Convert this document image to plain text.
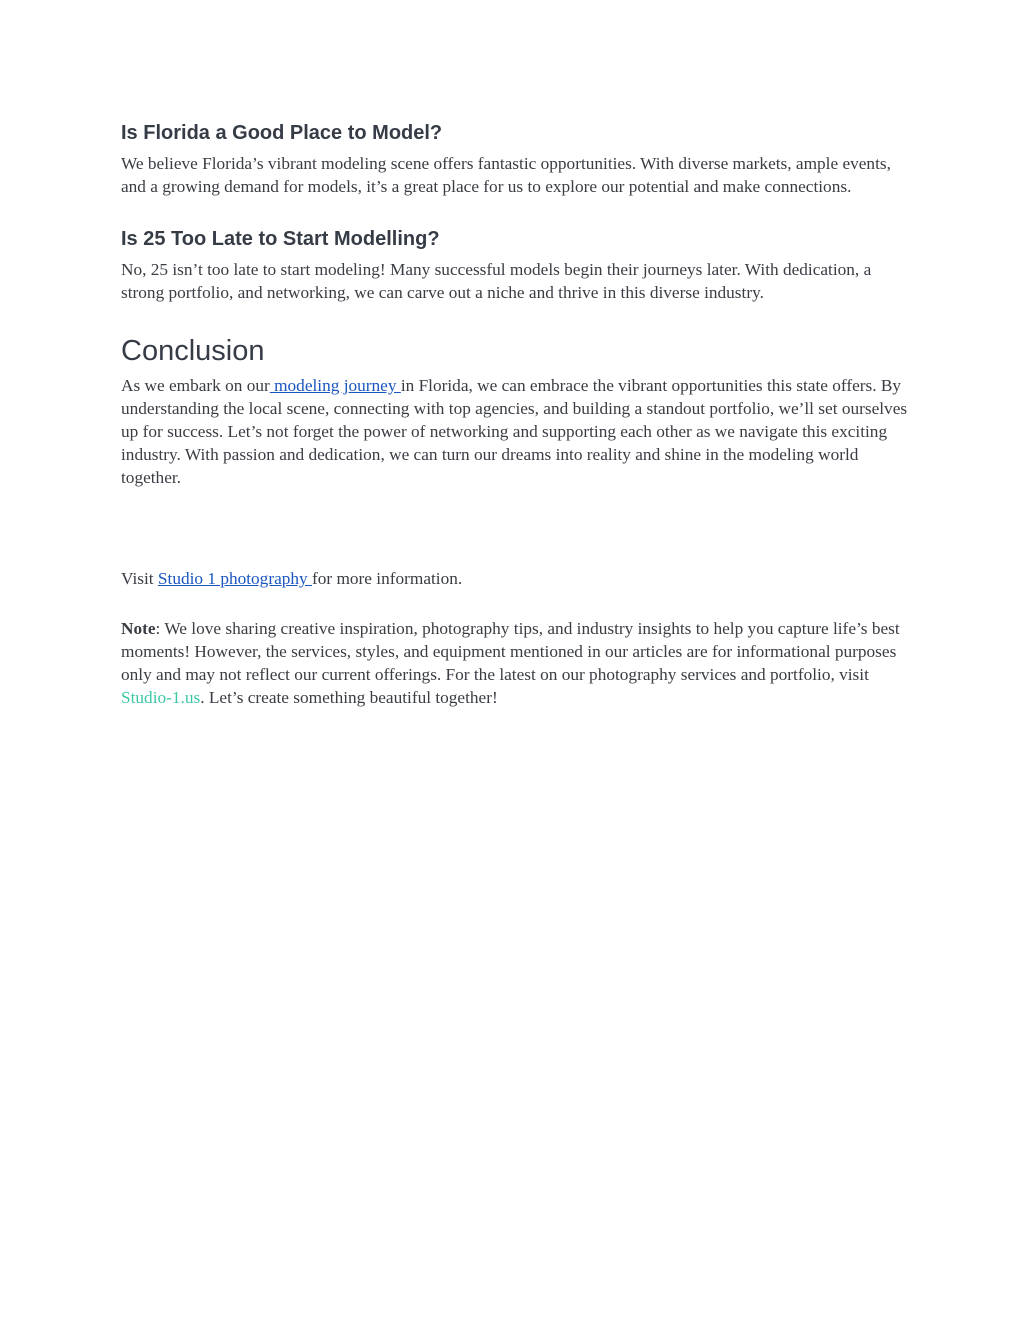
Is Florida a Good Place to Model?

We believe Florida’s vibrant modeling scene offers fantastic opportunities. With diverse markets, ample events, and a growing demand for models, it’s a great place for us to explore our potential and make connections.

Is 25 Too Late to Start Modelling?

No, 25 isn’t too late to start modeling! Many successful models begin their journeys later. With dedication, a strong portfolio, and networking, we can carve out a niche and thrive in this diverse industry.

Conclusion

As we embark on our modeling journey in Florida, we can embrace the vibrant opportunities this state offers. By understanding the local scene, connecting with top agencies, and building a standout portfolio, we’ll set ourselves up for success. Let’s not forget the power of networking and supporting each other as we navigate this exciting industry. With passion and dedication, we can turn our dreams into reality and shine in the modeling world together.

Visit Studio 1 photography for more information.

Note: We love sharing creative inspiration, photography tips, and industry insights to help you capture life’s best moments! However, the services, styles, and equipment mentioned in our articles are for informational purposes only and may not reflect our current offerings. For the latest on our photography services and portfolio, visit Studio-1.us. Let’s create something beautiful together!
